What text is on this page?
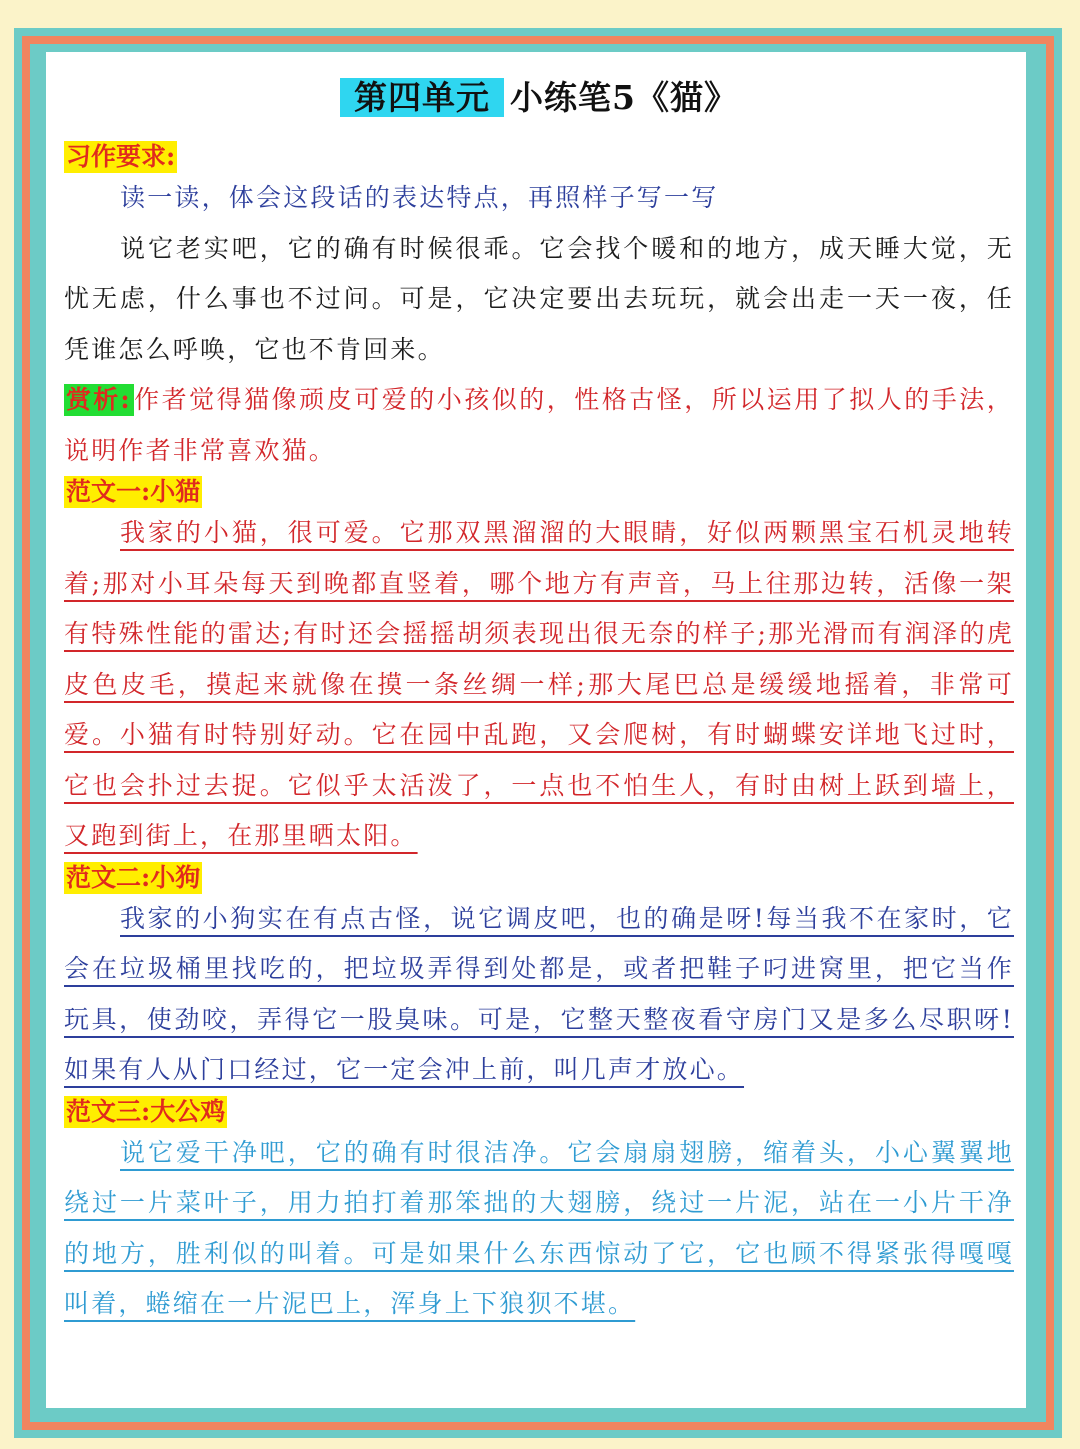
第四单元 小练笔5《猫》
习作要求:

读一读，体会这段话的表达特点，再照样子写一写

说它老实吧，它的确有时候很乖。它会找个暖和的地方，成天睡大觉，无忧无虑，什么事也不过问。可是，它决定要出去玩玩，就会出走一天一夜，任凭谁怎么呼唤，它也不肯回来。

赏析:作者觉得猫像顽皮可爱的小孩似的，性格古怪，所以运用了拟人的手法，说明作者非常喜欢猫。

范文一:小猫

我家的小猫，很可爱。它那双黑溜溜的大眼睛，好似两颗黑宝石机灵地转着;那对小耳朵每天到晚都直竖着，哪个地方有声音，马上往那边转，活像一架有特殊性能的雷达;有时还会摇摇胡须表现出很无奈的样子;那光滑而有润泽的虎皮色皮毛，摸起来就像在摸一条丝绸一样;那大尾巴总是缓缓地摇着，非常可爱。小猫有时特别好动。它在园中乱跑，又会爬树，有时蝴蝶安详地飞过时，它也会扑过去捉。它似乎太活泼了，一点也不怕生人，有时由树上跃到墙上，又跑到街上，在那里晒太阳。

范文二:小狗

我家的小狗实在有点古怪，说它调皮吧，也的确是呀!每当我不在家时，它会在垃圾桶里找吃的，把垃圾弄得到处都是，或者把鞋子叼进窝里，把它当作玩具，使劲咬，弄得它一股臭味。可是，它整天整夜看守房门又是多么尽职呀!如果有人从门口经过，它一定会冲上前，叫几声才放心。

范文三:大公鸡

说它爱干净吧，它的确有时很洁净。它会扇扇翅膀，缩着头，小心翼翼地绕过一片菜叶子，用力拍打着那笨拙的大翅膀，绕过一片泥，站在一小片干净的地方，胜利似的叫着。可是如果什么东西惊动了它，它也顾不得紧张得嘎嘎叫着，蜷缩在一片泥巴上，浑身上下狼狈不堪。
